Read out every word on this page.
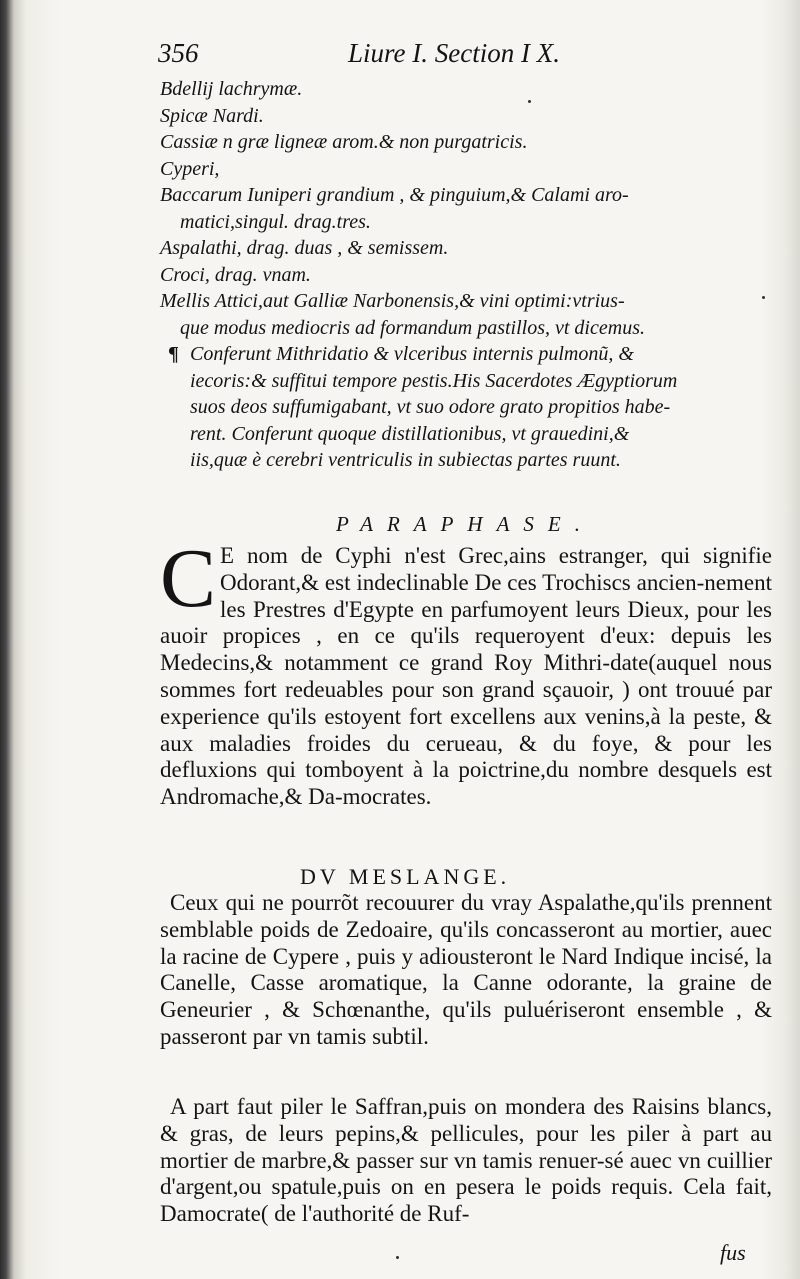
356	Liure I. Section I X.
Bdellij lachrymæ.
Spicæ Nardi.
Cassiæ n græ ligneæ arom.& non purgatricis.
Cyperi,
Baccarum Iuniperi grandium , & pinguium,& Calami aro-
matici,singul. drag.tres.
Aspalathi, drag. duas , & semissem.
Croci, drag. vnam.
Mellis Attici,aut Galliæ Narbonensis,& vini optimi:vtrius-
que modus mediocris ad formandum pastillos, vt dicemus.
¶ Conferunt Mithridatio & vlceribus internis pulmonũ, &
iecoris:& suffitui tempore pestis.His Sacerdotes Ægyptiorum
suos deos suffumigabant, vt suo odore grato propitios habe-
rent. Conferunt quoque distillationibus, vt grauedini,&
iis,quæ è cerebri ventriculis in subiectas partes ruunt.
PARAPHASE.
C E nom de Cyphi n'est Grec,ains estranger, qui signifie Odorant,& est indeclinable De ces Trochiscs ancien-nement les Prestres d'Egypte en parfumoyent leurs Dieux, pour les auoir propices , en ce qu'ils requeroyent d'eux: depuis les Medecins,& notamment ce grand Roy Mithri-date(auquel nous sommes fort redeuables pour son grand sçauoir, ) ont trouué par experience qu'ils estoyent fort excellens aux venins,à la peste, & aux maladies froides du cerueau, & du foye, & pour les defluxions qui tomboyent à la poictrine,du nombre desquels est Andromache,& Da-mocrates.
DV MESLANGE.
Ceux qui ne pourrõt recouurer du vray Aspalathe,qu'ils prennent semblable poids de Zedoaire, qu'ils concasseront au mortier, auec la racine de Cypere , puis y adiousteront le Nard Indique incisé, la Canelle, Casse aromatique, la Canne odorante, la graine de Geneurier , & Schœnanthe, qu'ils puluériseront ensemble , & passeront par vn tamis subtil.
A part faut piler le Saffran,puis on mondera des Raisins blancs, & gras, de leurs pepins,& pellicules, pour les piler à part au mortier de marbre,& passer sur vn tamis renuer-sé auec vn cuillier d'argent,ou spatule,puis on en pesera le poids requis. Cela fait, Damocrate( de l'authorité de Ruf-
fus
